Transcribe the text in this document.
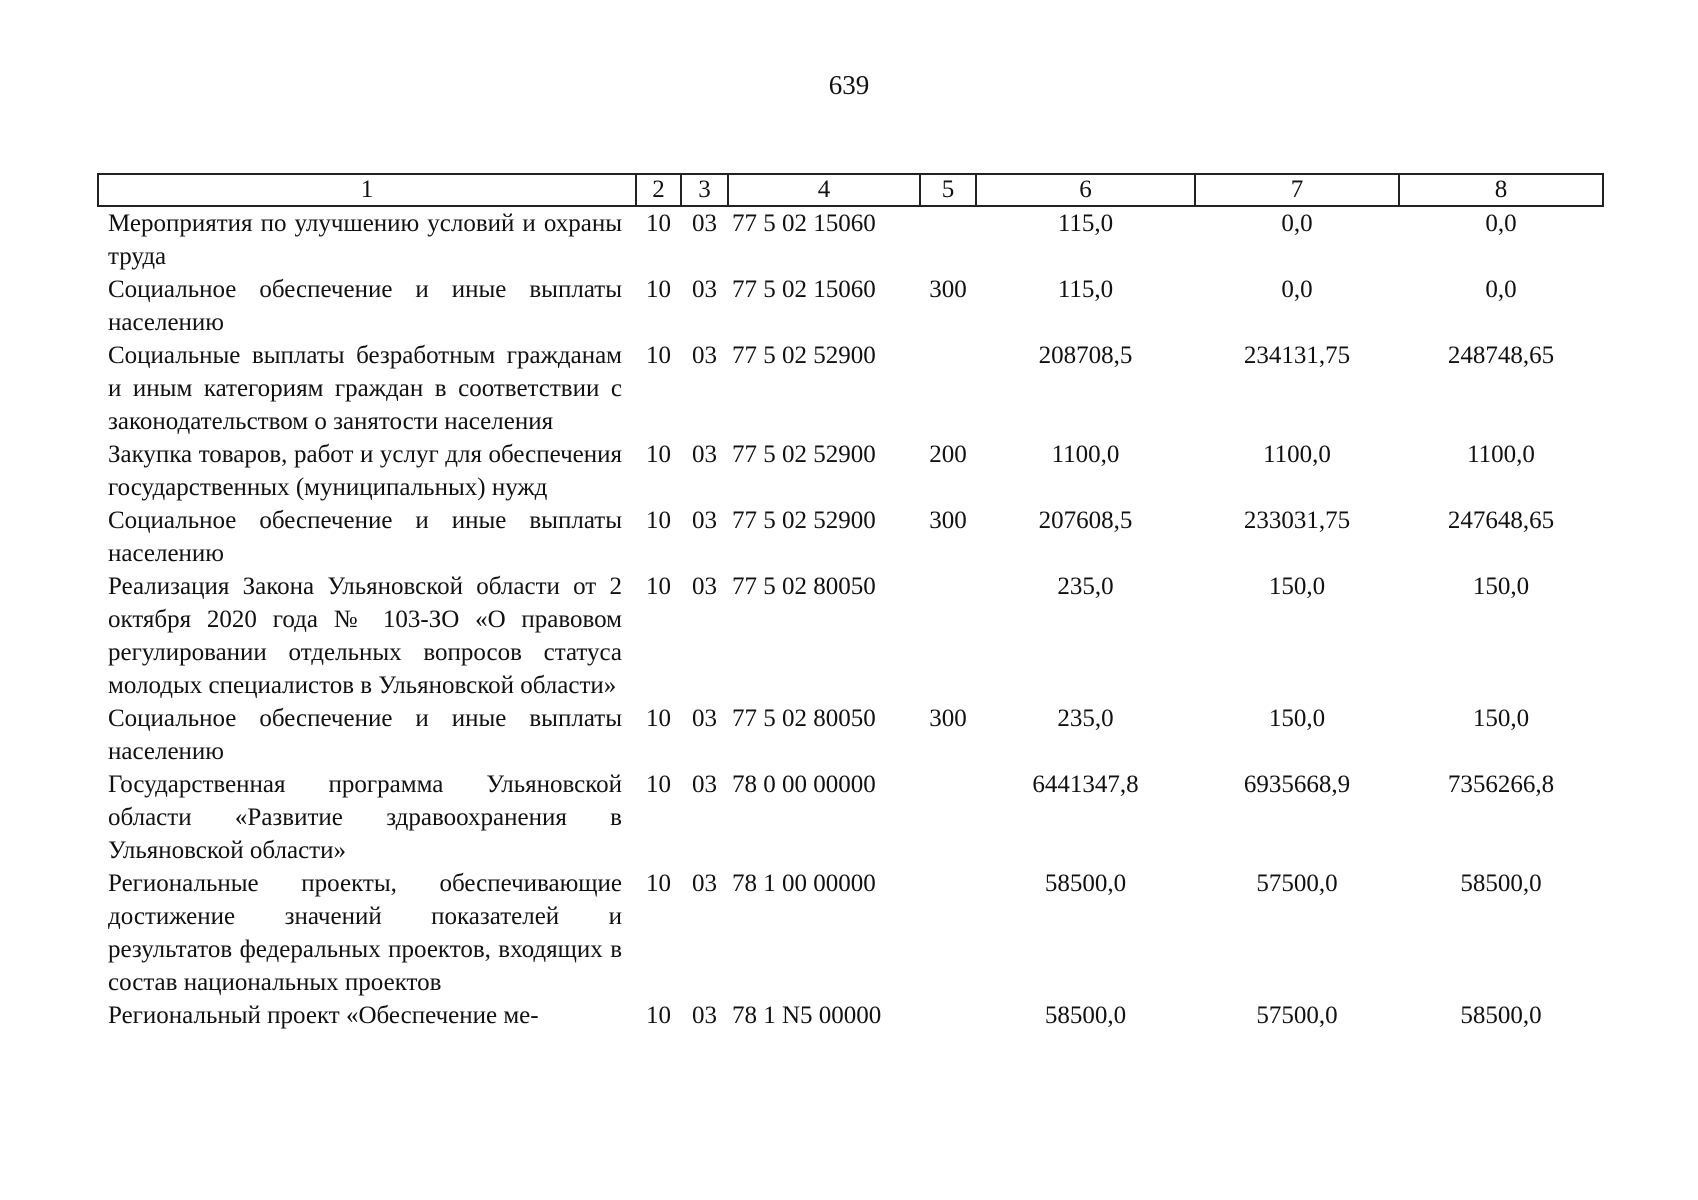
639
1	2	3	4	5	6	7	8
Мероприятия по улучшению условий и охраны труда	10	03	77 5 02 15060		115,0	0,0	0,0
Социальное обеспечение и иные выплаты населению	10	03	77 5 02 15060	300	115,0	0,0	0,0
Социальные выплаты безработным гражданам и иным категориям граждан в соответствии с законодательством о занятости населения	10	03	77 5 02 52900		208708,5	234131,75	248748,65
Закупка товаров, работ и услуг для обеспечения государственных (муниципальных) нужд	10	03	77 5 02 52900	200	1100,0	1100,0	1100,0
Социальное обеспечение и иные выплаты населению	10	03	77 5 02 52900	300	207608,5	233031,75	247648,65
Реализация Закона Ульяновской области от 2 октября 2020 года № 103-ЗО «О правовом регулировании отдельных вопросов статуса молодых специалистов в Ульяновской области»	10	03	77 5 02 80050		235,0	150,0	150,0
Социальное обеспечение и иные выплаты населению	10	03	77 5 02 80050	300	235,0	150,0	150,0
Государственная программа Ульяновской области «Развитие здравоохранения в Ульяновской области»	10	03	78 0 00 00000		6441347,8	6935668,9	7356266,8
Региональные проекты, обеспечивающие достижение значений показателей и результатов федеральных проектов, входящих в состав национальных проектов	10	03	78 1 00 00000		58500,0	57500,0	58500,0
Региональный проект «Обеспечение ме-	10	03	78 1 N5 00000		58500,0	57500,0	58500,0
